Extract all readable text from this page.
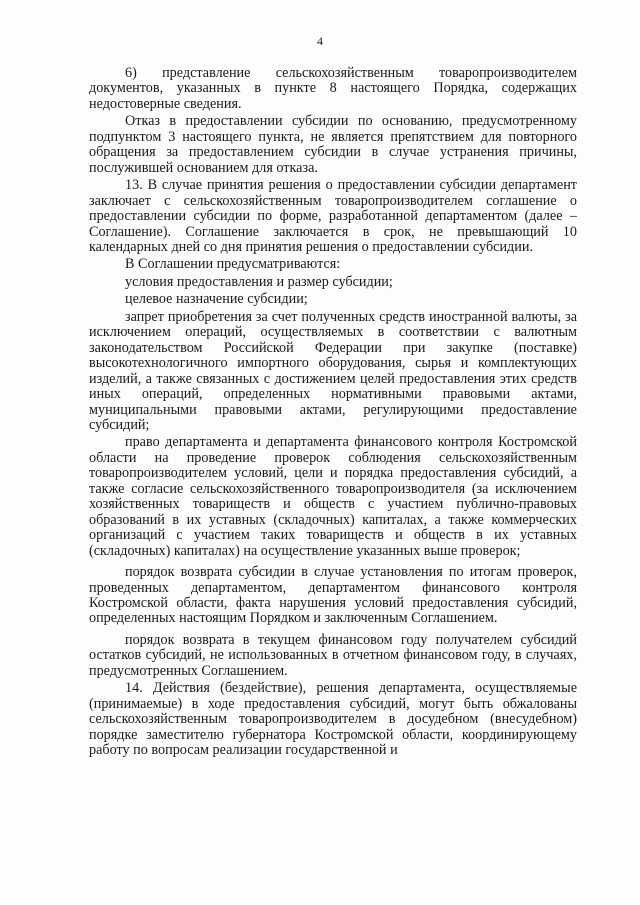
4

6) представление сельскохозяйственным товаропроизводителем документов, указанных в пункте 8 настоящего Порядка, содержащих недостоверные сведения.

Отказ в предоставлении субсидии по основанию, предусмотренному подпунктом 3 настоящего пункта, не является препятствием для повторного обращения за предоставлением субсидии в случае устранения причины, послужившей основанием для отказа.

13. В случае принятия решения о предоставлении субсидии департамент заключает с сельскохозяйственным товаропроизводителем соглашение о предоставлении субсидии по форме, разработанной департаментом (далее – Соглашение). Соглашение заключается в срок, не превышающий 10 календарных дней со дня принятия решения о предоставлении субсидии.

В Соглашении предусматриваются:

условия предоставления и размер субсидии;

целевое назначение субсидии;

запрет приобретения за счет полученных средств иностранной валюты, за исключением операций, осуществляемых в соответствии с валютным законодательством Российской Федерации при закупке (поставке) высокотехнологичного импортного оборудования, сырья и комплектующих изделий, а также связанных с достижением целей предоставления этих средств иных операций, определенных нормативными правовыми актами, муниципальными правовыми актами, регулирующими предоставление субсидий;

право департамента и департамента финансового контроля Костромской области на проведение проверок соблюдения сельскохозяйственным товаропроизводителем условий, цели и порядка предоставления субсидий, а также согласие сельскохозяйственного товаропроизводителя (за исключением хозяйственных товариществ и обществ с участием публично-правовых образований в их уставных (складочных) капиталах, а также коммерческих организаций с участием таких товариществ и обществ в их уставных (складочных) капиталах) на осуществление указанных выше проверок;

порядок возврата субсидии в случае установления по итогам проверок, проведенных департаментом, департаментом финансового контроля Костромской области, факта нарушения условий предоставления субсидий, определенных настоящим Порядком и заключенным Соглашением.

порядок возврата в текущем финансовом году получателем субсидий остатков субсидий, не использованных в отчетном финансовом году, в случаях, предусмотренных Соглашением.

14. Действия (бездействие), решения департамента, осуществляемые (принимаемые) в ходе предоставления субсидий, могут быть обжалованы сельскохозяйственным товаропроизводителем в досудебном (внесудебном) порядке заместителю губернатора Костромской области, координирующему работу по вопросам реализации государственной и
